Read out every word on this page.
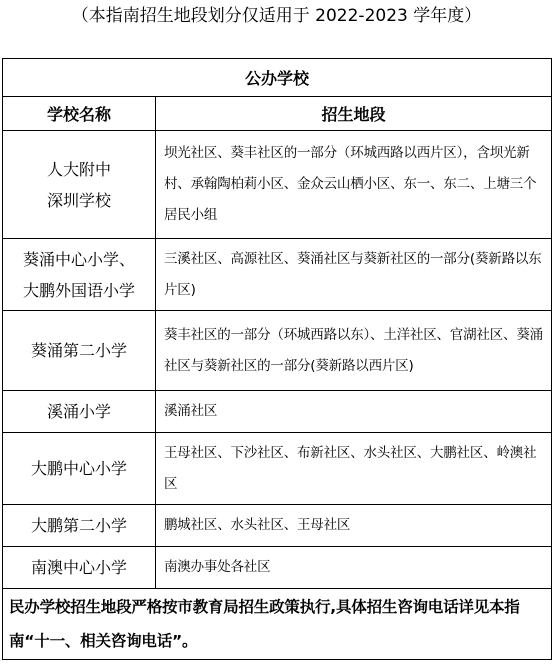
（本指南招生地段划分仅适用于 2022-2023 学年度）
公办学校	
学校名称	招生地段

人大附中
深圳学校	坝光社区、葵丰社区的一部分（环城西路以西片区），含坝光新村、承翰陶柏莉小区、金众云山栖小区、东一、东二、上塘三个居民小组

葵涌中心小学、
大鹏外国语小学	三溪社区、高源社区、葵涌社区与葵新社区的一部分(葵新路以东片区)

葵涌第二小学	葵丰社区的一部分（环城西路以东）、土洋社区、官湖社区、葵涌社区与葵新社区的一部分(葵新路以西片区)

溪涌小学	溪涌社区

大鹏中心小学	王母社区、下沙社区、布新社区、水头社区、大鹏社区、岭澳社区

大鹏第二小学	鹏城社区、水头社区、王母社区

南澳中心小学	南澳办事处各社区
民办学校招生地段严格按市教育局招生政策执行,具体招生咨询电话详见本指南“十一、相关咨询电话”。	
